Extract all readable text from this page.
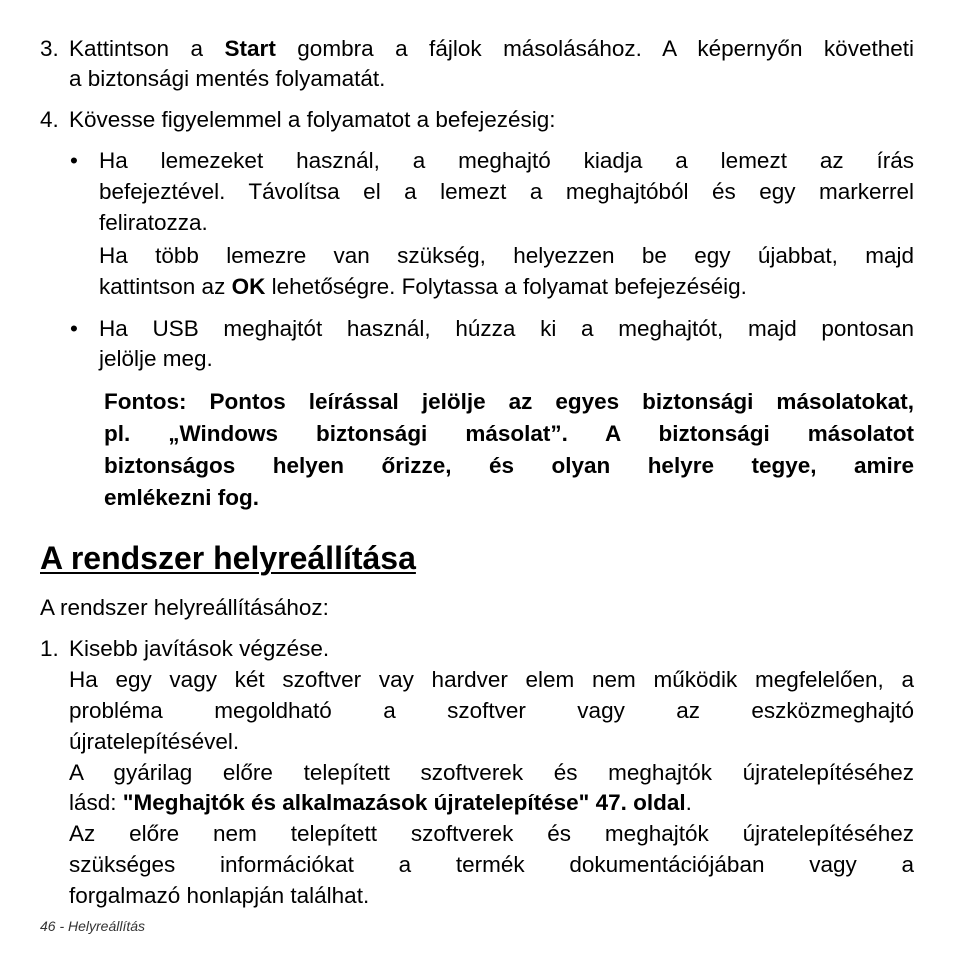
3. Kattintson a Start gombra a fájlok másolásához. A képernyőn követheti
a biztonsági mentés folyamatát.
4. Kövesse figyelemmel a folyamatot a befejezésig:
• Ha lemezeket használ, a meghajtó kiadja a lemezt az írás
befejeztével. Távolítsa el a lemezt a meghajtóból és egy markerrel
feliratozza.
Ha több lemezre van szükség, helyezzen be egy újabbat, majd
kattintson az OK lehetőségre. Folytassa a folyamat befejezéséig.
• Ha USB meghajtót használ, húzza ki a meghajtót, majd pontosan
jelölje meg.
Fontos: Pontos leírással jelölje az egyes biztonsági másolatokat,
pl. „Windows biztonsági másolat”. A biztonsági másolatot
biztonságos helyen őrizze, és olyan helyre tegye, amire
emlékezni fog.
A rendszer helyreállítása
A rendszer helyreállításához:
1. Kisebb javítások végzése.
Ha egy vagy két szoftver vay hardver elem nem működik megfelelően, a
probléma megoldható a szoftver vagy az eszközmeghajtó
újratelepítésével.
A gyárilag előre telepített szoftverek és meghajtók újratelepítéséhez
lásd: "Meghajtók és alkalmazások újratelepítése" 47. oldal.
Az előre nem telepített szoftverek és meghajtók újratelepítéséhez
szükséges információkat a termék dokumentációjában vagy a
forgalmazó honlapján találhat.
46 - Helyreállítás
